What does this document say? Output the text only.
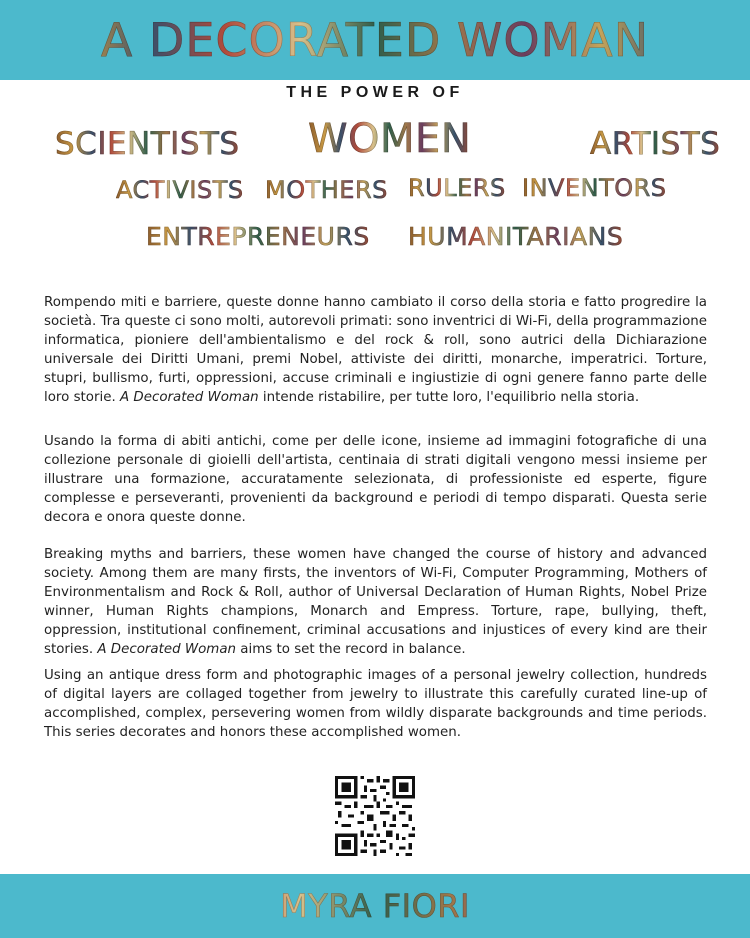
A DECORATED WOMAN
THE POWER OF
SCIENTISTS WOMEN	ARTISTS
ACTIVISTS MOTHERS RULERS INVENTORS
ENTREPRENEURS HUMANITARIANS
Rompendo miti e barriere, queste donne hanno cambiato il corso della storia e fatto progredire la società. Tra queste ci sono molti, autorevoli primati: sono inventrici di Wi-Fi, della programmazione informatica, pioniere dell'ambientalismo e del rock & roll, sono autrici della Dichiarazione universale dei Diritti Umani, premi Nobel, attiviste dei diritti, monarche, imperatrici. Torture, stupri, bullismo, furti, oppressioni, accuse criminali e ingiustizie di ogni genere fanno parte delle loro storie. A Decorated Woman intende ristabilire, per tutte loro, l'equilibrio nella storia.
Usando la forma di abiti antichi, come per delle icone, insieme ad immagini fotografiche di una collezione personale di gioielli dell'artista, centinaia di strati digitali vengono messi insieme per illustrare una formazione, accuratamente selezionata, di professioniste ed esperte, figure complesse e perseveranti, provenienti da background e periodi di tempo disparati. Questa serie decora e onora queste donne.
Breaking myths and barriers, these women have changed the course of history and advanced society. Among them are many firsts, the inventors of Wi-Fi, Computer Programming, Mothers of Environmentalism and Rock & Roll, author of Universal Declaration of Human Rights, Nobel Prize winner, Human Rights champions, Monarch and Empress. Torture, rape, bullying, theft, oppression, institutional confinement, criminal accusations and injustices of every kind are their stories. A Decorated Woman aims to set the record in balance.
Using an antique dress form and photographic images of a personal jewelry collection, hundreds of digital layers are collaged together from jewelry to illustrate this carefully curated line-up of accomplished, complex, persevering women from wildly disparate backgrounds and time periods. This series decorates and honors these accomplished women.
MYRA FIORI
